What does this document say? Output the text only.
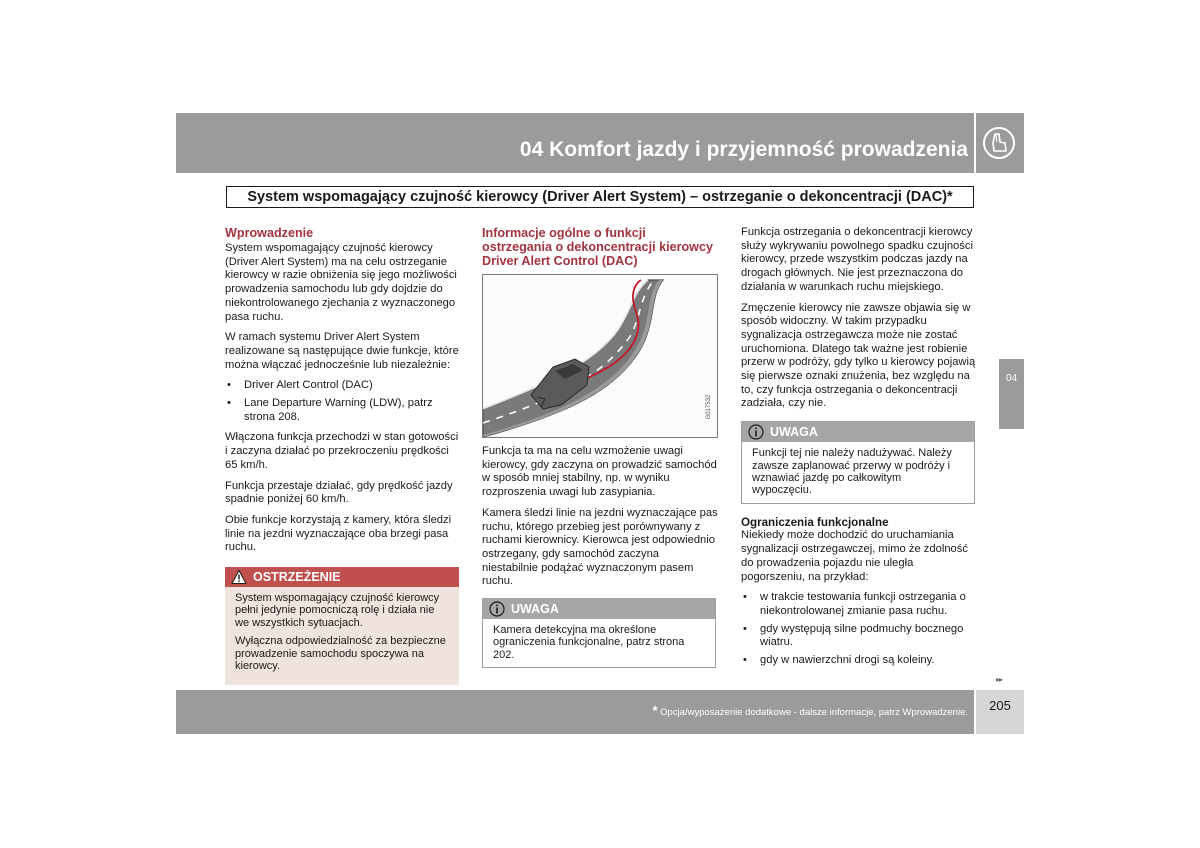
04 Komfort jazdy i przyjemność prowadzenia
System wspomagający czujność kierowcy (Driver Alert System) – ostrzeganie o dekoncentracji (DAC)*
Wprowadzenie

System wspomagający czujność kierowcy (Driver Alert System) ma na celu ostrzeganie kierowcy w razie obniżenia się jego możliwości prowadzenia samochodu lub gdy dojdzie do niekontrolowanego zjechania z wyznaczonego pasa ruchu.

W ramach systemu Driver Alert System realizowane są następujące dwie funkcje, które można włączać jednocześnie lub niezależnie:

• Driver Alert Control (DAC)
• Lane Departure Warning (LDW), patrz strona 208.

Włączona funkcja przechodzi w stan gotowości i zaczyna działać po przekroczeniu prędkości 65 km/h.

Funkcja przestaje działać, gdy prędkość jazdy spadnie poniżej 60 km/h.

Obie funkcje korzystają z kamery, która śledzi linie na jezdni wyznaczające oba brzegi pasa ruchu.

OSTRZEŻENIE

System wspomagający czujność kierowcy pełni jedynie pomocniczą rolę i działa nie we wszystkich sytuacjach.

Wyłączna odpowiedzialność za bezpieczne prowadzenie samochodu spoczywa na kierowcy.

Informacje ogólne o funkcji ostrzegania o dekoncentracji kierowcy Driver Alert Control (DAC)
G017532

Funkcja ta ma na celu wzmożenie uwagi kierowcy, gdy zaczyna on prowadzić samochód w sposób mniej stabilny, np. w wyniku rozproszenia uwagi lub zasypiania.

Kamera śledzi linie na jezdni wyznaczające pas ruchu, którego przebieg jest porównywany z ruchami kierownicy. Kierowca jest odpowiednio ostrzegany, gdy samochód zaczyna niestabilnie podążać wyznaczonym pasem ruchu.

UWAGA

Kamera detekcyjna ma określone ograniczenia funkcjonalne, patrz strona 202.

Funkcja ostrzegania o dekoncentracji kierowcy służy wykrywaniu powolnego spadku czujności kierowcy, przede wszystkim podczas jazdy na drogach głównych. Nie jest przeznaczona do działania w warunkach ruchu miejskiego.

Zmęczenie kierowcy nie zawsze objawia się w sposób widoczny. W takim przypadku sygnalizacja ostrzegawcza może nie zostać uruchomiona. Dlatego tak ważne jest robienie przerw w podróży, gdy tylko u kierowcy pojawią się pierwsze oznaki znużenia, bez względu na to, czy funkcja ostrzegania o dekoncentracji zadziała, czy nie.

UWAGA

Funkcji tej nie należy nadużywać. Należy zawsze zaplanować przerwy w podróży i wznawiać jazdę po całkowitym wypoczęciu.

Ograniczenia funkcjonalne

Niekiedy może dochodzić do uruchamiania sygnalizacji ostrzegawczej, mimo że zdolność do prowadzenia pojazdu nie uległa pogorszeniu, na przykład:

• w trakcie testowania funkcji ostrzegania o niekontrolowanej zmianie pasa ruchu.
• gdy występują silne podmuchy bocznego wiatru.
• gdy w nawierzchni drogi są koleiny.
04
▸▸
* Opcja/wyposażenie dodatkowe - dalsze informacje, patrz Wprowadzenie.	205
